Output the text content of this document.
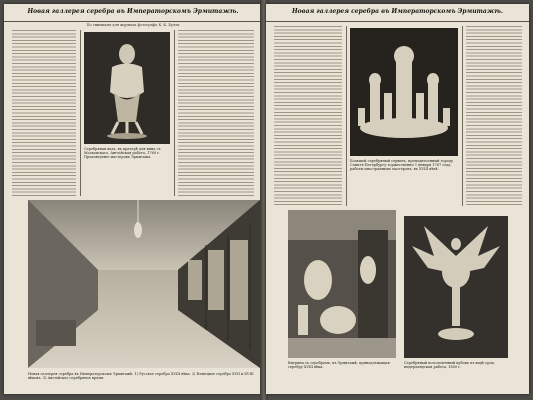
Новая галлерея серебра въ Императорскомъ Эрмитажѣ.
По снимкамъ для журнала фотографа К. К. Булла
Серебряная ваза, въ кратерѣ для вина съ Московскаго. Англійская работа, 1760 г. Произведеніе мастеровъ Эрмитажа.
Новая галлерея серебра въ Императорскомъ Эрмитажѣ: 1) Русское серебро XVIII вѣка. 2) Немецкое серебро XVII и XVIII вѣковъ. 3) Англійское серебряное время.
Новая галлерея серебра въ Императорскомъ Эрмитажѣ.
Большой серебряный сервизъ, преподнесенный городу Санктъ-Петербургу торжественно 1 января 1767 года, работы иностранныхъ мастеровъ, въ XVIII вѣкѣ.
Витрина съ серебромъ, въ Эрмитажѣ, принадлежащая серебру XVIII вѣка.
Серебряный позолоченный кубокъ въ видѣ орла, нидерландская работа, 1650 г.
